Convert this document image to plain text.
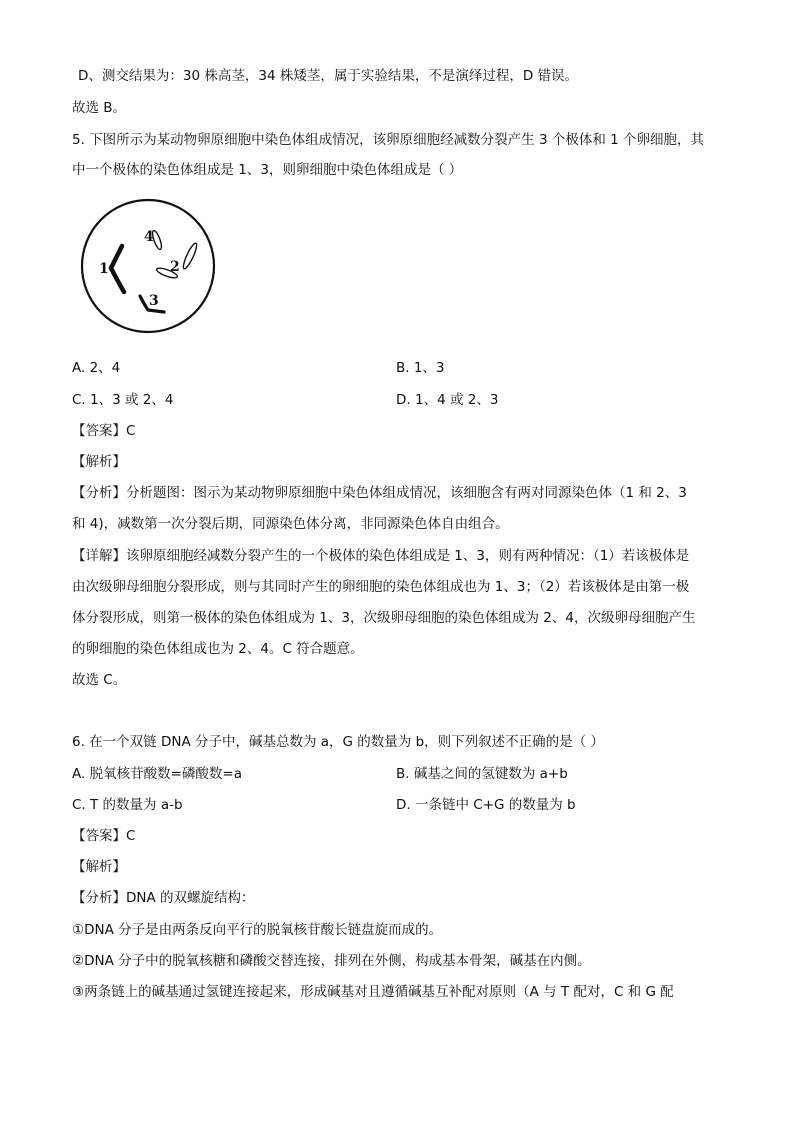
D、测交结果为：30 株高茎，34 株矮茎，属于实验结果，不是演绎过程，D 错误。
故选 B。
5. 下图所示为某动物卵原细胞中染色体组成情况，该卵原细胞经减数分裂产生 3 个极体和 1 个卵细胞，其
中一个极体的染色体组成是 1、3，则卵细胞中染色体组成是（ ）
1	2
3
4
A. 2、4	B. 1、3
C. 1、3 或 2、4	D. 1、4 或 2、3
【答案】C
【解析】
【分析】分析题图：图示为某动物卵原细胞中染色体组成情况，该细胞含有两对同源染色体（1 和 2、3
和 4)，减数第一次分裂后期，同源染色体分离，非同源染色体自由组合。
【详解】该卵原细胞经减数分裂产生的一个极体的染色体组成是 1、3，则有两种情况：（1）若该极体是
由次级卵母细胞分裂形成，则与其同时产生的卵细胞的染色体组成也为 1、3；（2）若该极体是由第一极
体分裂形成，则第一极体的染色体组成为 1、3，次级卵母细胞的染色体组成为 2、4，次级卵母细胞产生
的卵细胞的染色体组成也为 2、4。C 符合题意。
故选 C。
6. 在一个双链 DNA 分子中，碱基总数为 a，G 的数量为 b，则下列叙述不正确的是（ ）
A. 脱氧核苷酸数=磷酸数=a	B. 碱基之间的氢键数为 a+b
C. T 的数量为 a-b	D. 一条链中 C+G 的数量为 b
【答案】C
【解析】
【分析】DNA 的双螺旋结构：
①DNA 分子是由两条反向平行的脱氧核苷酸长链盘旋而成的。
②DNA 分子中的脱氧核糖和磷酸交替连接，排列在外侧，构成基本骨架，碱基在内侧。
③两条链上的碱基通过氢键连接起来，形成碱基对且遵循碱基互补配对原则（A 与 T 配对，C 和 G 配
